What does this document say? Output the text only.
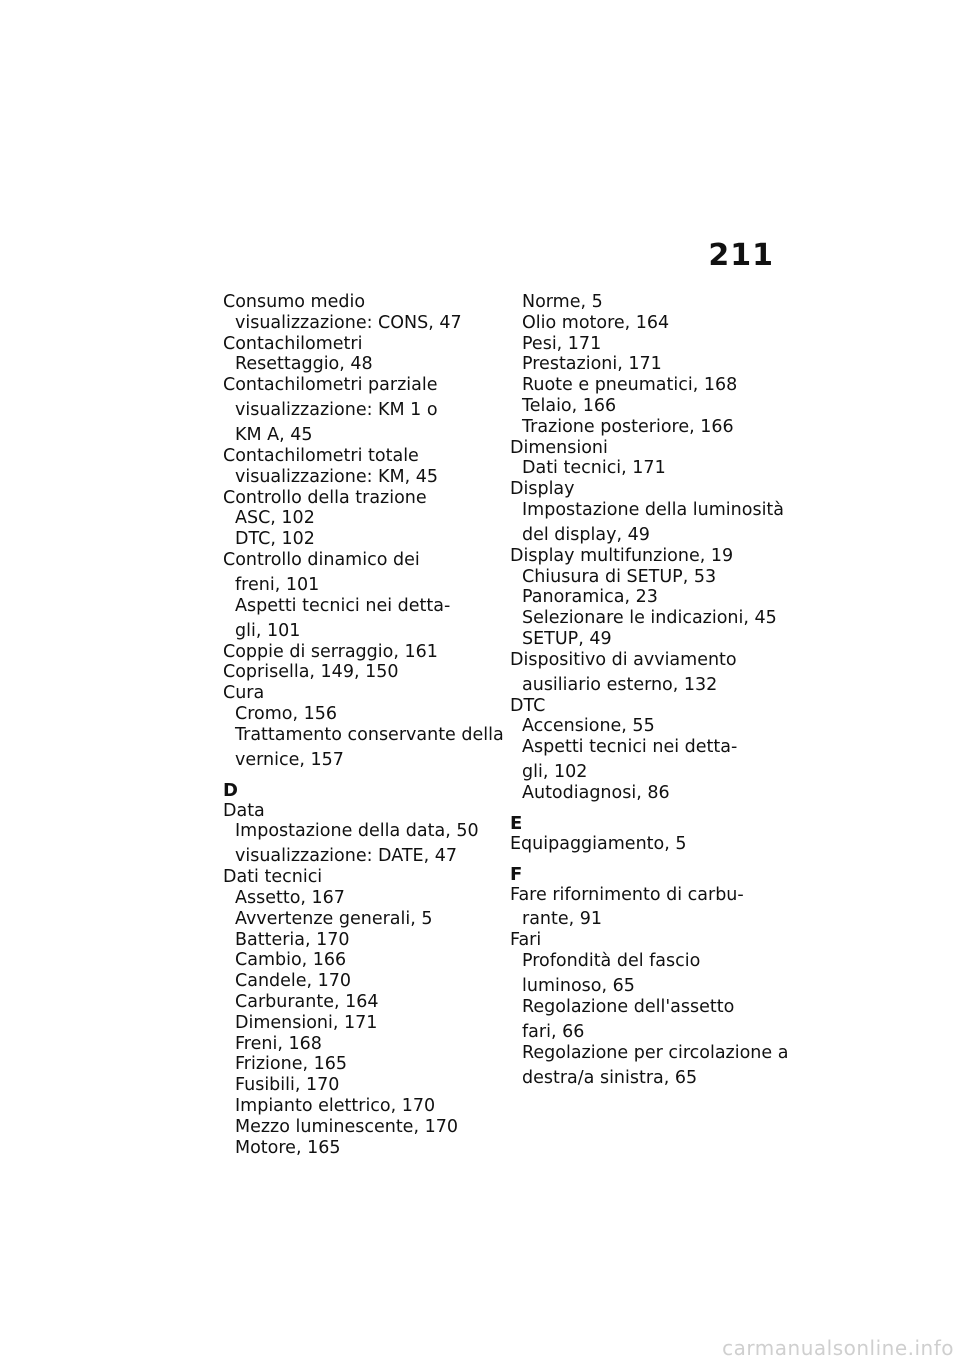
211
Consumo medio
visualizzazione: CONS, 47
Contachilometri
Resettaggio, 48
Contachilometri parziale
visualizzazione: KM 1 o
KM A, 45
Contachilometri totale
visualizzazione: KM, 45
Controllo della trazione
ASC, 102
DTC, 102
Controllo dinamico dei
freni, 101
Aspetti tecnici nei detta-
gli, 101
Coppie di serraggio, 161
Coprisella, 149, 150
Cura
Cromo, 156
Trattamento conservante della
vernice, 157
D
Data
Impostazione della data, 50
visualizzazione: DATE, 47
Dati tecnici
Assetto, 167
Avvertenze generali, 5
Batteria, 170
Cambio, 166
Candele, 170
Carburante, 164
Dimensioni, 171
Freni, 168
Frizione, 165
Fusibili, 170
Impianto elettrico, 170
Mezzo luminescente, 170
Motore, 165
Norme, 5
Olio motore, 164
Pesi, 171
Prestazioni, 171
Ruote e pneumatici, 168
Telaio, 166
Trazione posteriore, 166
Dimensioni
Dati tecnici, 171
Display
Impostazione della luminosità
del display, 49
Display multifunzione, 19
Chiusura di SETUP, 53
Panoramica, 23
Selezionare le indicazioni, 45
SETUP, 49
Dispositivo di avviamento
ausiliario esterno, 132
DTC
Accensione, 55
Aspetti tecnici nei detta-
gli, 102
Autodiagnosi, 86
E
Equipaggiamento, 5
F
Fare rifornimento di carbu-
rante, 91
Fari
Profondità del fascio
luminoso, 65
Regolazione dell'assetto
fari, 66
Regolazione per circolazione a
destra/a sinistra, 65
carmanualsonline.info
